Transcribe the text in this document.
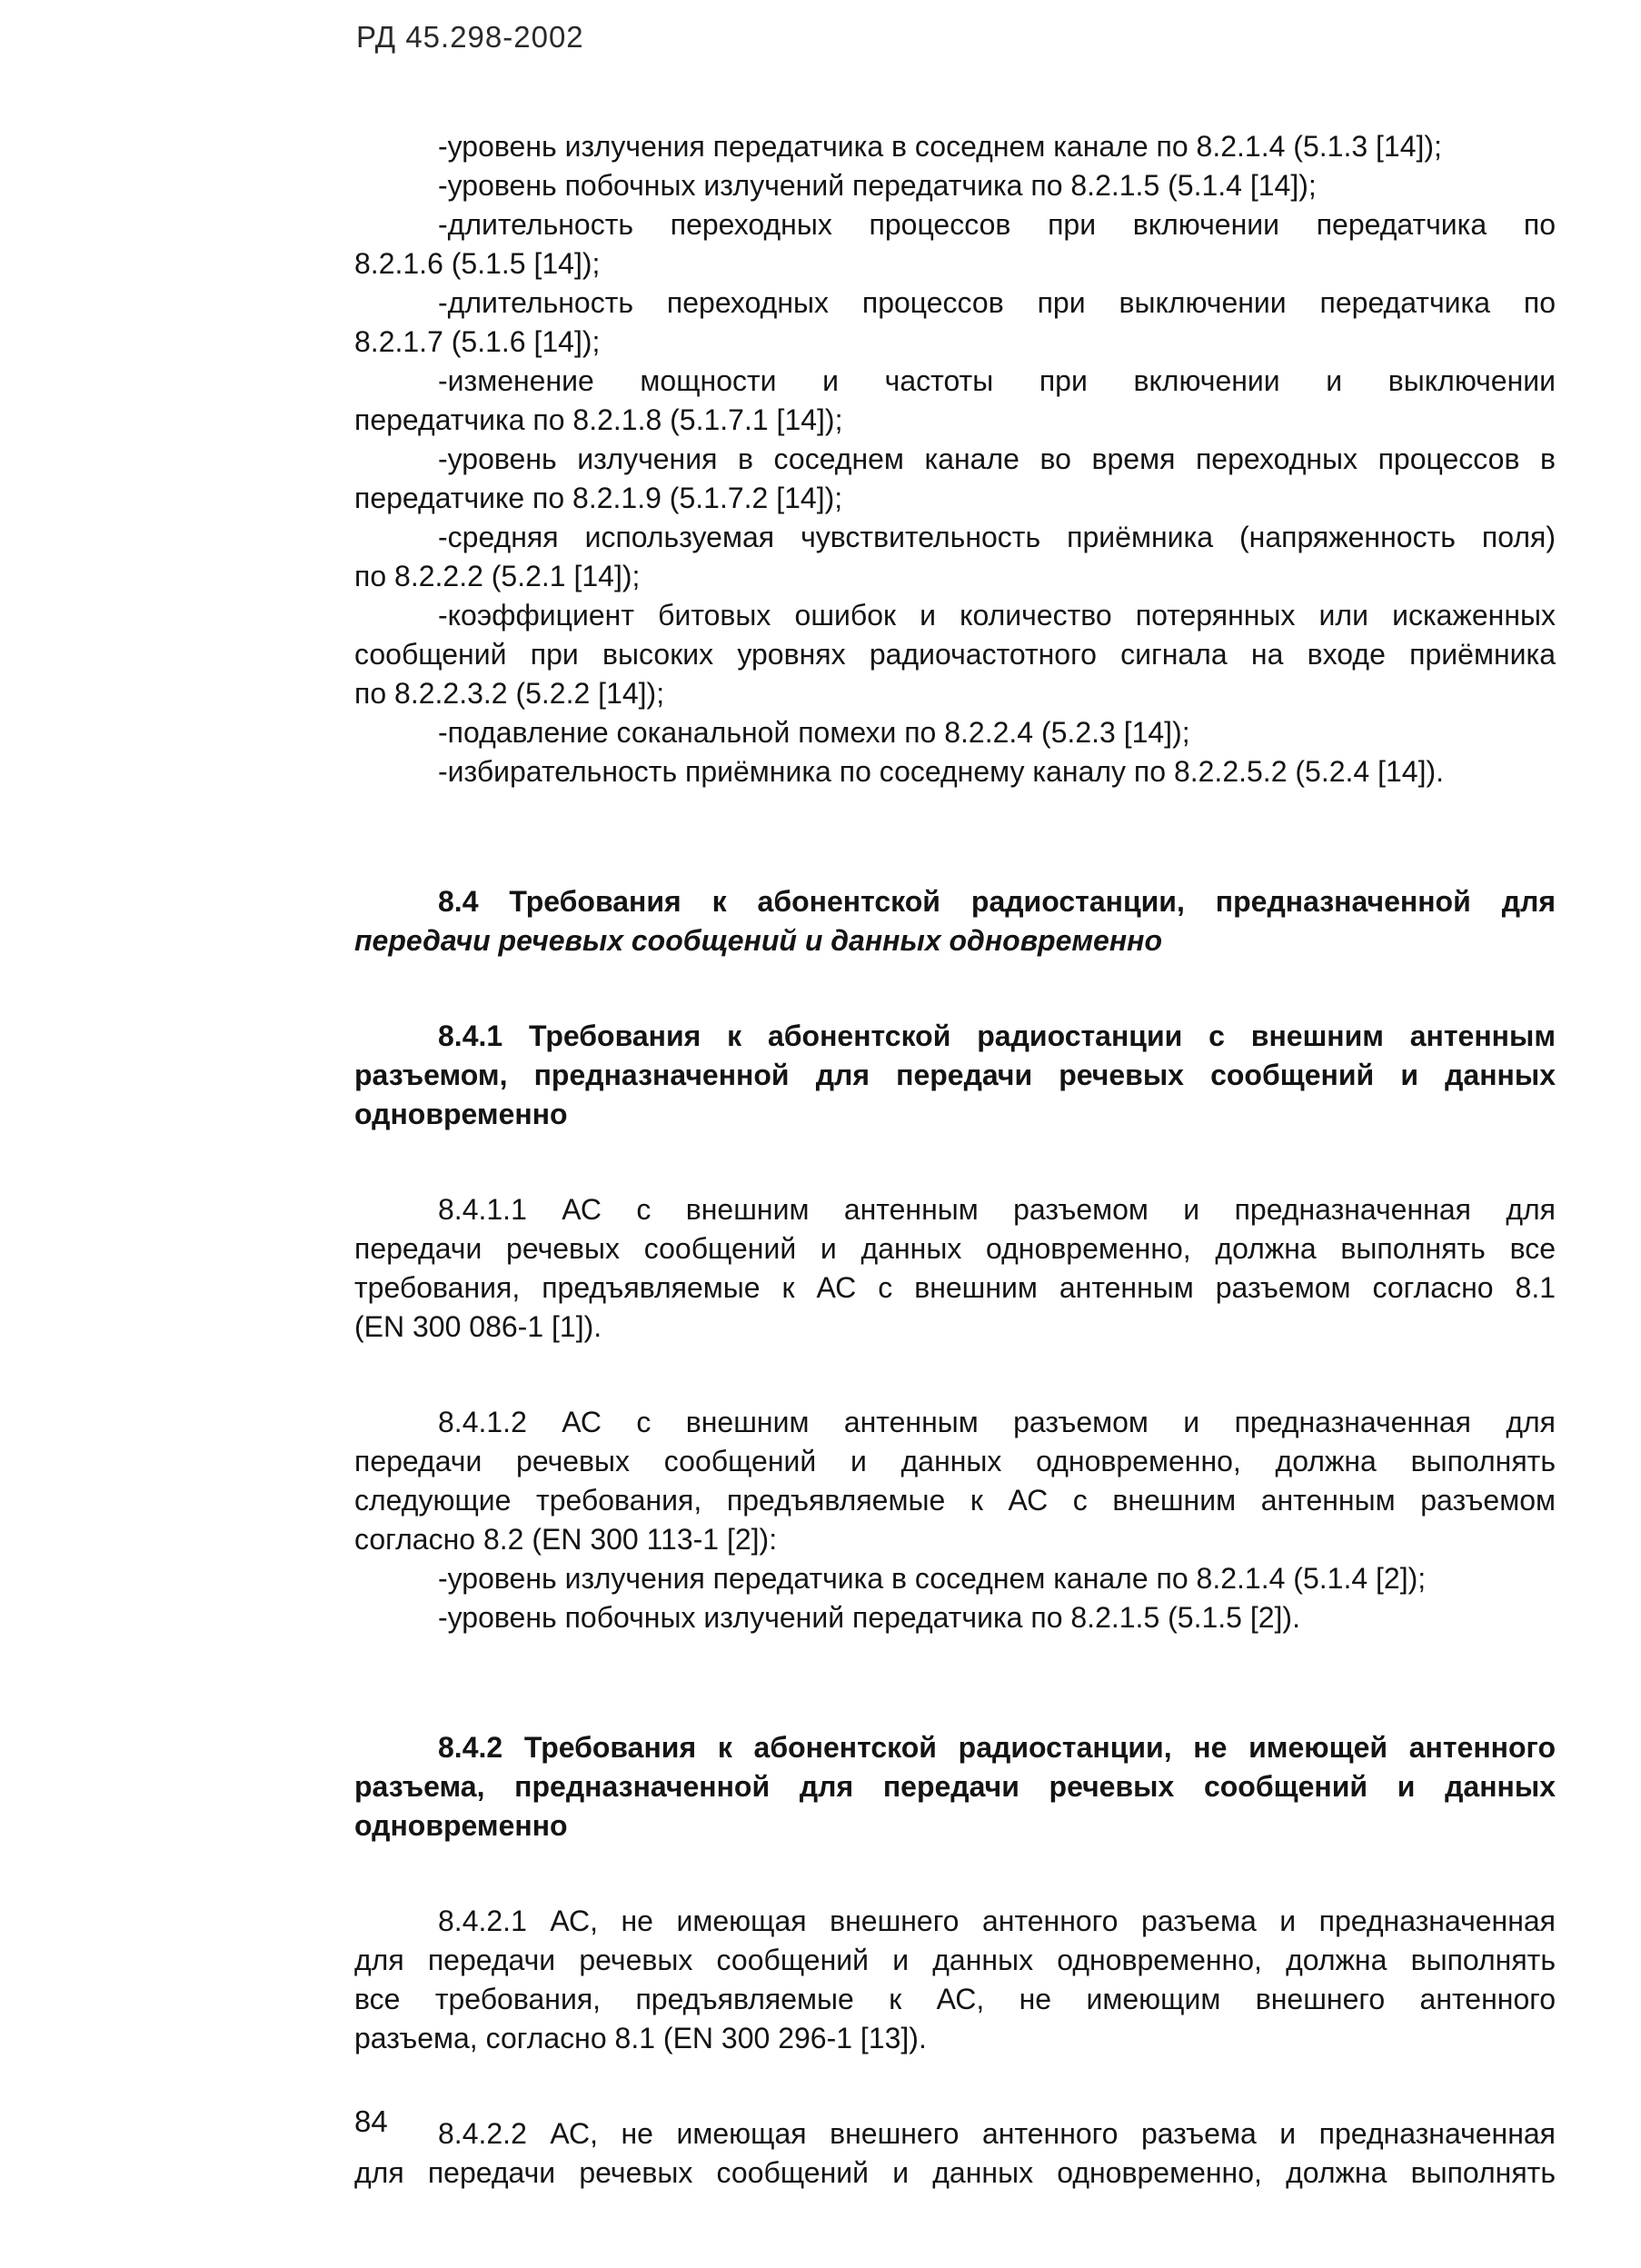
РД 45.298-2002
-уровень излучения передатчика в соседнем канале по 8.2.1.4 (5.1.3 [14]);
-уровень побочных излучений передатчика по 8.2.1.5 (5.1.4 [14]);
-длительность переходных процессов при включении передатчика по
8.2.1.6 (5.1.5 [14]);
-длительность переходных процессов при выключении передатчика по
8.2.1.7 (5.1.6 [14]);
-изменение мощности и частоты при включении и выключении
передатчика по 8.2.1.8 (5.1.7.1 [14]);
-уровень излучения в соседнем канале во время переходных процессов в
передатчике по 8.2.1.9 (5.1.7.2 [14]);
-средняя используемая чувствительность приёмника (напряженность поля)
по 8.2.2.2 (5.2.1 [14]);
-коэффициент битовых ошибок и количество потерянных или искаженных
сообщений при высоких уровнях радиочастотного сигнала на входе приёмника
по 8.2.2.3.2 (5.2.2 [14]);
-подавление соканальной помехи по 8.2.2.4 (5.2.3 [14]);
-избирательность приёмника по соседнему каналу по 8.2.2.5.2 (5.2.4 [14]).
8.4 Требования к абонентской радиостанции, предназначенной для
передачи речевых сообщений и данных одновременно
8.4.1 Требования к абонентской радиостанции с внешним антенным
разъемом, предназначенной для передачи речевых сообщений и данных
одновременно
8.4.1.1 АС с внешним антенным разъемом и предназначенная для
передачи речевых сообщений и данных одновременно, должна выполнять все
требования, предъявляемые к АС с внешним антенным разъемом согласно 8.1
(EN 300 086-1 [1]).
8.4.1.2 АС с внешним антенным разъемом и предназначенная для
передачи речевых сообщений и данных одновременно, должна выполнять
следующие требования, предъявляемые к АС с внешним антенным разъемом
согласно 8.2 (EN 300 113-1 [2]):
-уровень излучения передатчика в соседнем канале по 8.2.1.4 (5.1.4 [2]);
-уровень побочных излучений передатчика по 8.2.1.5 (5.1.5 [2]).
8.4.2 Требования к абонентской радиостанции, не имеющей антенного
разъема, предназначенной для передачи речевых сообщений и данных
одновременно
8.4.2.1 АС, не имеющая внешнего антенного разъема и предназначенная
для передачи речевых сообщений и данных одновременно, должна выполнять
все требования, предъявляемые к АС, не имеющим внешнего антенного
разъема, согласно 8.1 (EN 300 296-1 [13]).
8.4.2.2 АС, не имеющая внешнего антенного разъема и предназначенная
для передачи речевых сообщений и данных одновременно, должна выполнять
84
